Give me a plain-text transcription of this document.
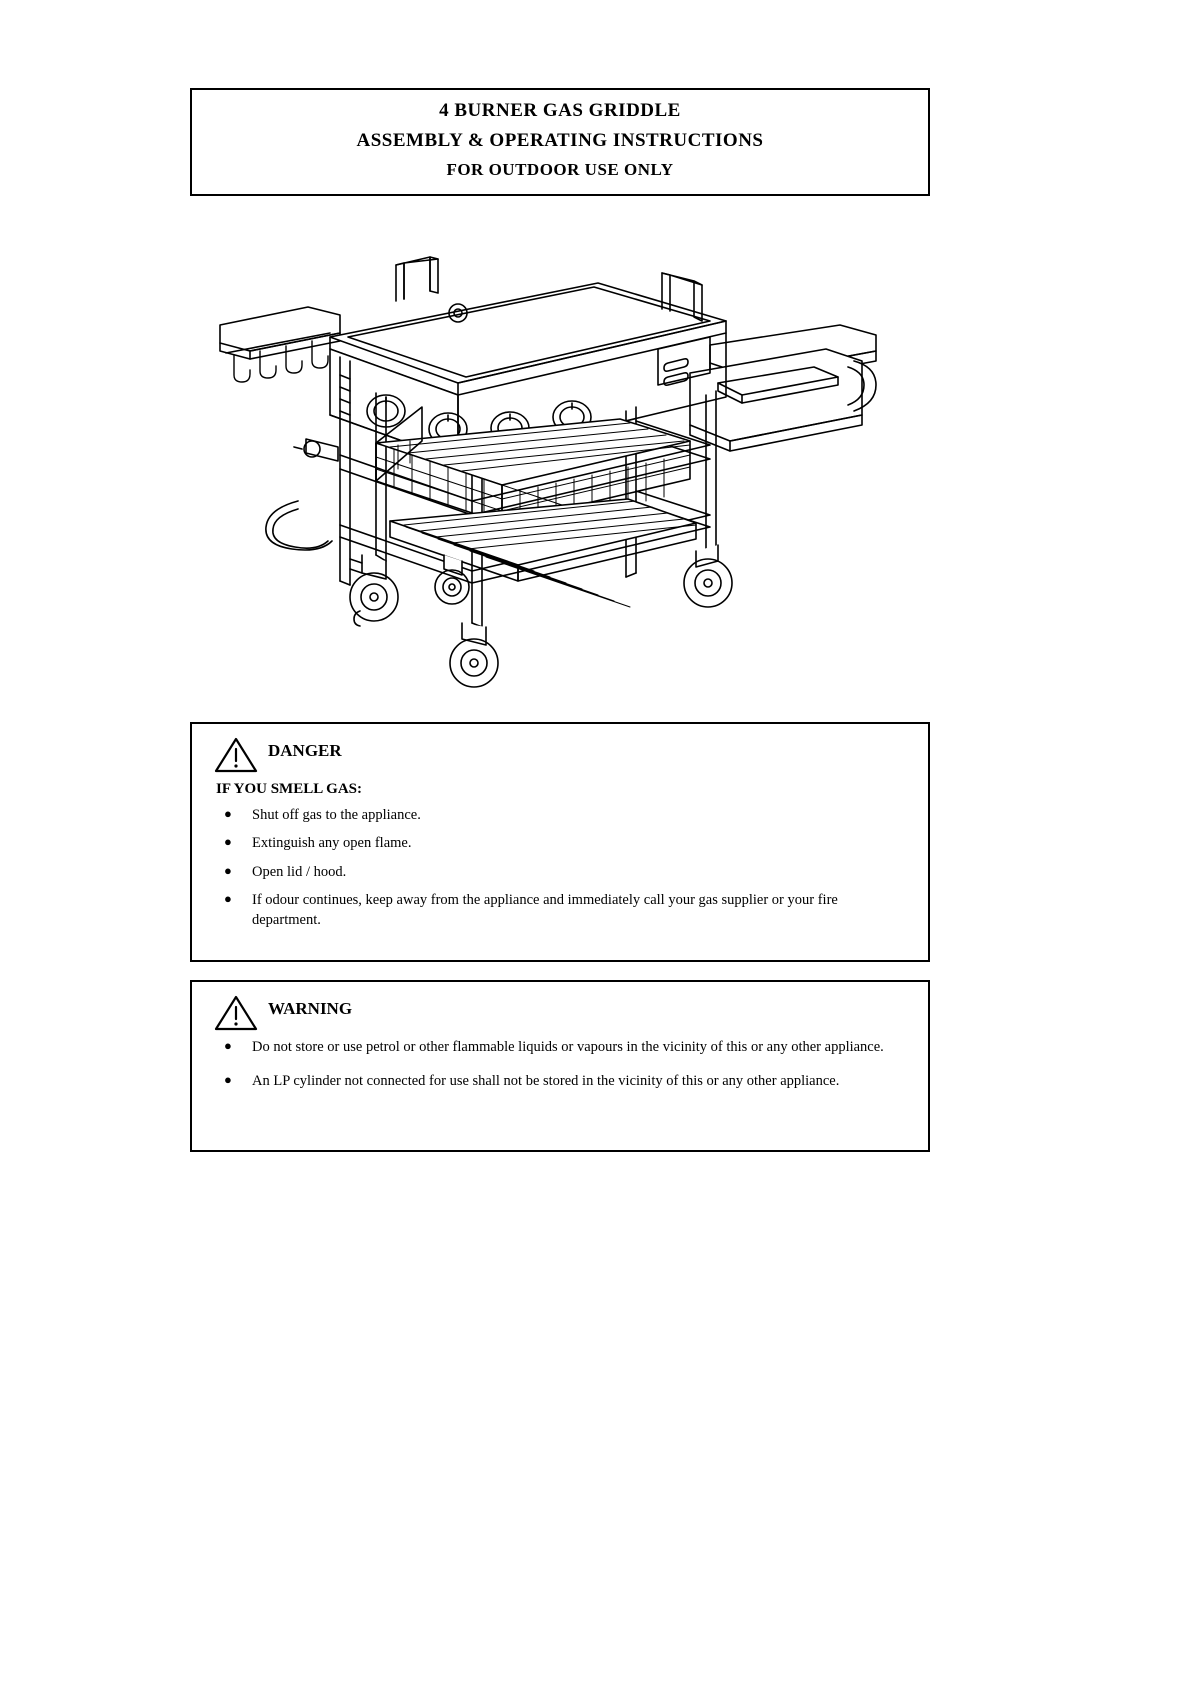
4 BURNER GAS GRIDDLE
ASSEMBLY & OPERATING INSTRUCTIONS
FOR OUTDOOR USE ONLY
DANGER
IF YOU SMELL GAS:
● Shut off gas to the appliance.
● Extinguish any open flame.
● Open lid / hood.
● If odour continues, keep away from the appliance and immediately call your gas supplier or your fire department.
WARNING
● Do not store or use petrol or other flammable liquids or vapours in the vicinity of this or any other appliance.
● An LP cylinder not connected for use shall not be stored in the vicinity of this or any other appliance.
